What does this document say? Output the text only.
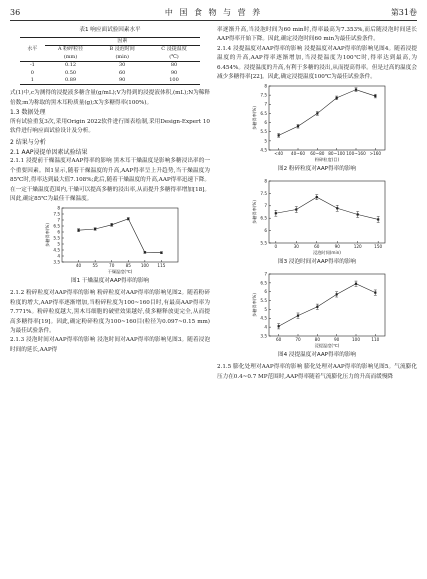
36	中 国 食 物 与 营 养	第31卷

表1 响应面试验因素水平

水平	因素		
	A 粉碎粒径	B 浸泡时间	C 浸提温度
	(mm)	(min)	(℃)
-1	0.12	30	80
0	0.50	60	90
1	0.89	90	100

式(1)中,c为测得的浸提液多糖含量(g/mL);V为得到的浸提液体积,(mL);N为稀释倍数;m为称取的黑木耳粉质量(g);X为多糖得率(100%)。

1.3 数据处理

所有试验重复3次,采用Origin 2022软件进行图表绘制,采用Design-Expert 10软件进行响应面试验设计及分析。

2 结果与分析

2.1 AAP浸提单因素试验结果

2.1.1 浸提前干燥温度对AAP得率的影响 黑木耳干燥温度是影响多糖浸出率的一个重要因素。图1显示,随着干燥温度的升高,AAP得率呈上升趋势,当干燥温度为85℃时,得率达到最大值7.108%;此后,随着干燥温度的升高,AAP得率迅速下降。在一定干燥温度范围内,干燥可以提高多糖的浸出率,从而提升多糖得率增加[18]。因此,确定85℃为最佳干燥温度。

3.5
4
4.5
5
5.5
6
6.5
7
7.5
8
40	55	70	85 100 115
干燥温度(℃)
多糖得率(%)

图1 干燥温度对AAP得率的影响

2.1.2 粉碎粒度对AAP得率的影响 粉碎粒度对AAP得率的影响见图2。随着粉碎粒度的增大,AAP得率逐渐增加,当粉碎粒度为100~160目时,有最高AAP得率为7.771%。粉碎粒度越大,黑木耳细胞的破壁效果越好,使多糖释放更完全,从而提高多糖得率[19]。因此,确定粉碎粒度为100~160目(粒径为0.097~0.15 mm)为最佳试验条件。

2.1.3 浸泡时间对AAP得率的影响 浸泡时间对AAP得率的影响见图3。随着浸泡时间的延长,AAP得

率逐渐升高,当浸泡时间为60 min时,得率最高为7.353%,而后随浸泡时间延长AAP得率开始下降。因此,确定浸泡时间60 min为最佳试验条件。

2.1.4 浸提温度对AAP得率的影响 浸提温度对AAP得率的影响见图4。随着浸提温度的升高,AAP得率逐渐增加,当浸提温度为100℃时,得率达到最高,为6.454%。浸提温度的升高,有利于多糖的浸出,从而提高得率。但是过高的温度会减少多糖得率[22]。因此,确定浸提温度100℃为最佳试验条件。

4.5
5
5.5
6
6.5
7
7.5
8
<40 40~60 60~80 80~100 100~160 >160
粉碎粒度(目)
多糖得率(%)

图2 粉碎粒度对AAP得率的影响

5.5
6
6.5
7
7.5
8
0	30	60	90	120	150
浸泡时间(min)
多糖得率(%)

图3 浸泡时间对AAP得率的影响

3.5
4
4.5
5
5.5
6
6.5
7
60	70	80	90	100	110
浸提温度(℃)
多糖得率(%)

图4 浸提温度对AAP得率的影响

2.1.5 膨化处理对AAP得率的影响 膨化处理对AAP得率的影响见图5。气流膨化压力在0.4~0.7 MP范围时,AAP得率随着气流膨化压力的升高而缓慢降
